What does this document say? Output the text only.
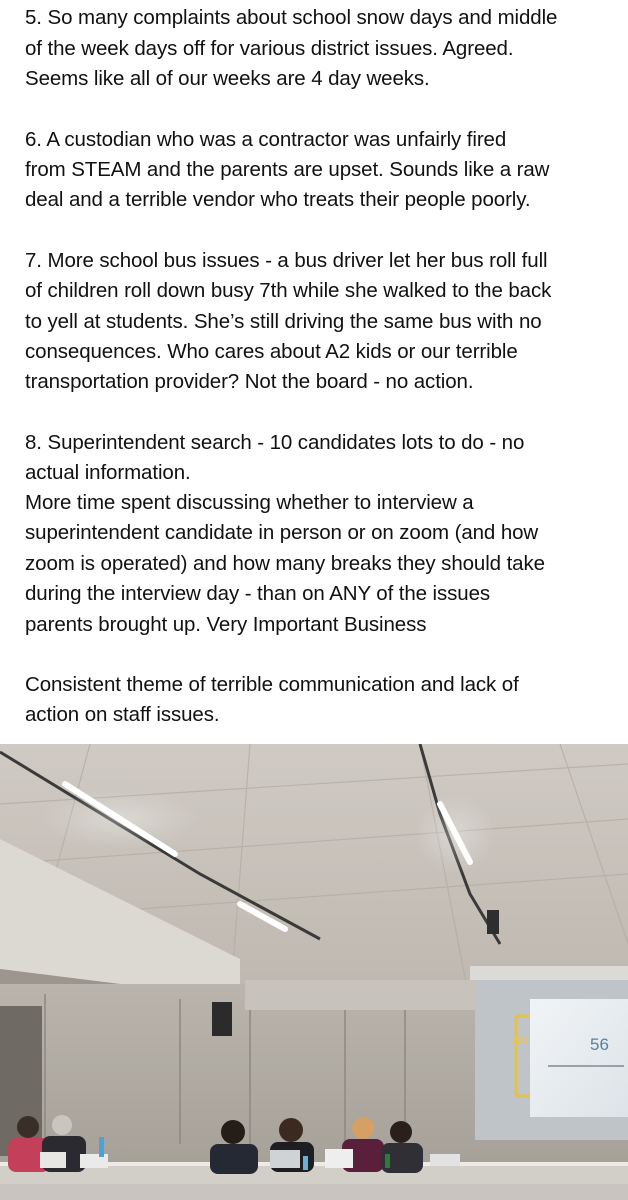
5. So many complaints about school snow days and middle
of the week days off for various district issues. Agreed.
Seems like all of our weeks are 4 day weeks.
6. A custodian who was a contractor was unfairly fired
from STEAM and the parents are upset. Sounds like a raw
deal and a terrible vendor who treats their people poorly.
7. More school bus issues - a bus driver let her bus roll full
of children roll down busy 7th while she walked to the back
to yell at students. She’s still driving the same bus with no
consequences. Who cares about A2 kids or our terrible
transportation provider? Not the board - no action.
8. Superintendent search - 10 candidates lots to do - no
actual information.
More time spent discussing whether to interview a
superintendent candidate in person or on zoom (and how
zoom is operated) and how many breaks they should take
during the interview day - than on ANY of the issues
parents brought up. Very Important Business
Consistent theme of terrible communication and lack of
action on staff issues.
AN	56
